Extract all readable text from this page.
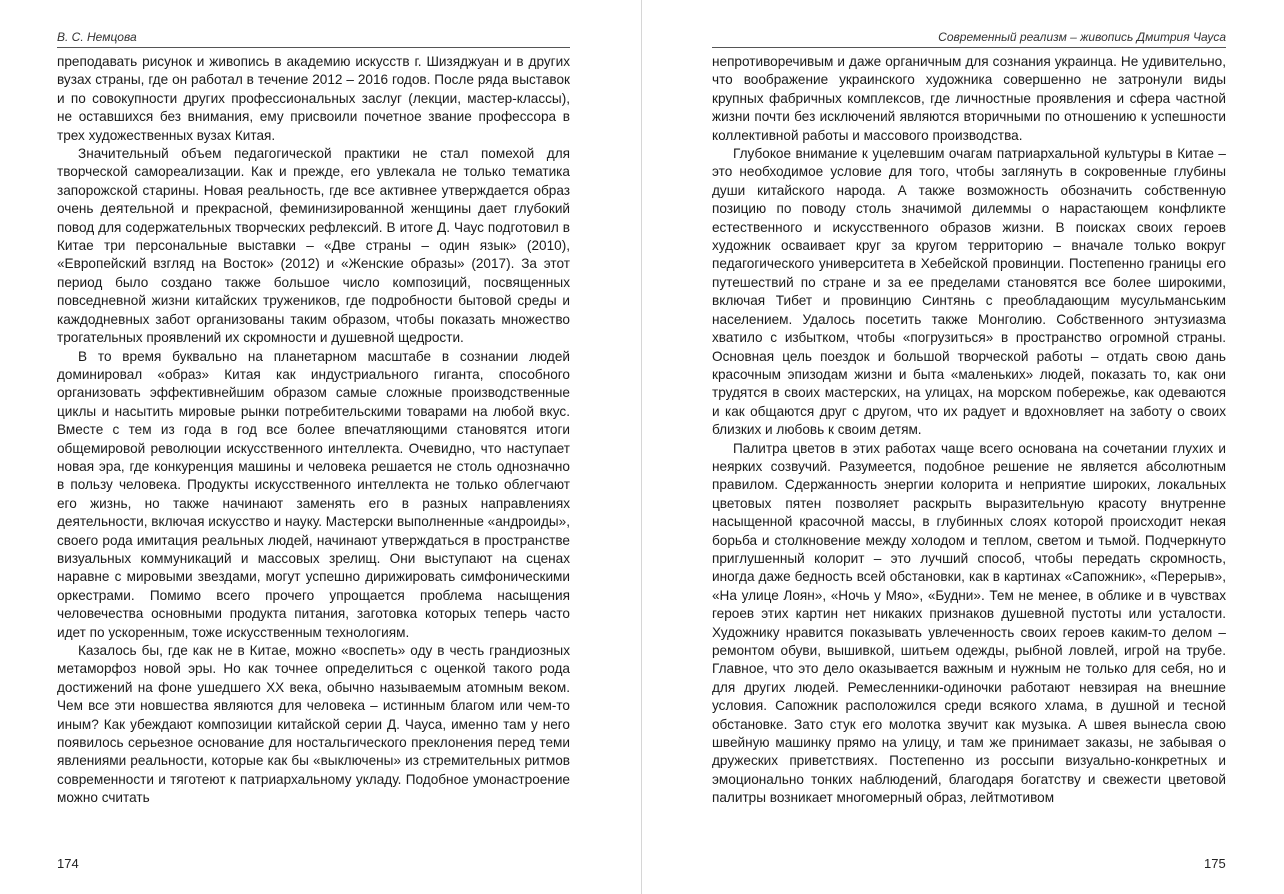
В. С. Немцова

преподавать рисунок и живопись в академию искусств г. Шизяджуан и в других вузах страны, где он работал в течение 2012 – 2016 годов. После ряда выставок и по совокупности других профессиональных заслуг (лекции, мастер-классы), не оставшихся без внимания, ему присвоили почетное звание профессора в трех художественных вузах Китая.

Значительный объем педагогической практики не стал помехой для творческой самореализации. Как и прежде, его увлекала не только тематика запорожской старины. Новая реальность, где все активнее утверждается образ очень деятельной и прекрасной, феминизированной женщины дает глубокий повод для содержательных творческих рефлексий. В итоге Д. Чаус подготовил в Китае три персональные выставки – «Две страны – один язык» (2010), «Европейский взгляд на Восток» (2012) и «Женские образы» (2017). За этот период было создано также большое число композиций, посвященных повседневной жизни китайских тружеников, где подробности бытовой среды и каждодневных забот организованы таким образом, чтобы показать множество трогательных проявлений их скромности и душевной щедрости.

В то время буквально на планетарном масштабе в сознании людей доминировал «образ» Китая как индустриального гиганта, способного организовать эффективнейшим образом самые сложные производственные циклы и насытить мировые рынки потребительскими товарами на любой вкус. Вместе с тем из года в год все более впечатляющими становятся итоги общемировой революции искусственного интеллекта. Очевидно, что наступает новая эра, где конкуренция машины и человека решается не столь однозначно в пользу человека. Продукты искусственного интеллекта не только облегчают его жизнь, но также начинают заменять его в разных направлениях деятельности, включая искусство и науку. Мастерски выполненные «андроиды», своего рода имитация реальных людей, начинают утверждаться в пространстве визуальных коммуникаций и массовых зрелищ. Они выступают на сценах наравне с мировыми звездами, могут успешно дирижировать симфоническими оркестрами. Помимо всего прочего упрощается проблема насыщения человечества основными продукта питания, заготовка которых теперь часто идет по ускоренным, тоже искусственным технологиям.

Казалось бы, где как не в Китае, можно «воспеть» оду в честь грандиозных метаморфоз новой эры. Но как точнее определиться с оценкой такого рода достижений на фоне ушедшего XX века, обычно называемым атомным веком. Чем все эти новшества являются для человека – истинным благом или чем-то иным? Как убеждают композиции китайской серии Д. Чауса, именно там у него появилось серьезное основание для ностальгического преклонения перед теми явлениями реальности, которые как бы «выключены» из стремительных ритмов современности и тяготеют к патриархальному укладу. Подобное умонастроение можно считать

174
Современный реализм – живопись Дмитрия Чауса

непротиворечивым и даже органичным для сознания украинца. Не удивительно, что воображение украинского художника совершенно не затронули виды крупных фабричных комплексов, где личностные проявления и сфера частной жизни почти без исключений являются вторичными по отношению к успешности коллективной работы и массового производства.

Глубокое внимание к уцелевшим очагам патриархальной культуры в Китае – это необходимое условие для того, чтобы заглянуть в сокровенные глубины души китайского народа. А также возможность обозначить собственную позицию по поводу столь значимой дилеммы о нарастающем конфликте естественного и искусственного образов жизни. В поисках своих героев художник осваивает круг за кругом территорию – вначале только вокруг педагогического университета в Хебейской провинции. Постепенно границы его путешествий по стране и за ее пределами становятся все более широкими, включая Тибет и провинцию Синтянь с преобладающим мусульманським населением. Удалось посетить также Монголию. Собственного энтузиазма хватило с избытком, чтобы «погрузиться» в пространство огромной страны. Основная цель поездок и большой творческой работы – отдать свою дань красочным эпизодам жизни и быта «маленьких» людей, показать то, как они трудятся в своих мастерских, на улицах, на морском побережье, как одеваются и как общаются друг с другом, что их радует и вдохновляет на заботу о своих близких и любовь к своим детям.

Палитра цветов в этих работах чаще всего основана на сочетании глухих и неярких созвучий. Разумеется, подобное решение не является абсолютным правилом. Сдержанность энергии колорита и неприятие широких, локальных цветовых пятен позволяет раскрыть выразительную красоту внутренне насыщенной красочной массы, в глубинных слоях которой происходит некая борьба и столкновение между холодом и теплом, светом и тьмой. Подчеркнуто приглушенный колорит – это лучший способ, чтобы передать скромность, иногда даже бедность всей обстановки, как в картинах «Сапожник», «Перерыв», «На улице Лоян», «Ночь у Мяо», «Будни». Тем не менее, в облике и в чувствах героев этих картин нет никаких признаков душевной пустоты или усталости. Художнику нравится показывать увлеченность своих героев каким-то делом – ремонтом обуви, вышивкой, шитьем одежды, рыбной ловлей, игрой на трубе. Главное, что это дело оказывается важным и нужным не только для себя, но и для других людей. Ремесленники-одиночки работают невзирая на внешние условия. Сапожник расположился среди всякого хлама, в душной и тесной обстановке. Зато стук его молотка звучит как музыка. А швея вынесла свою швейную машинку прямо на улицу, и там же принимает заказы, не забывая о дружеских приветствиях. Постепенно из россыпи визуально-конкретных и эмоционально тонких наблюдений, благодаря богатству и свежести цветовой палитры возникает многомерный образ, лейтмотивом

175
